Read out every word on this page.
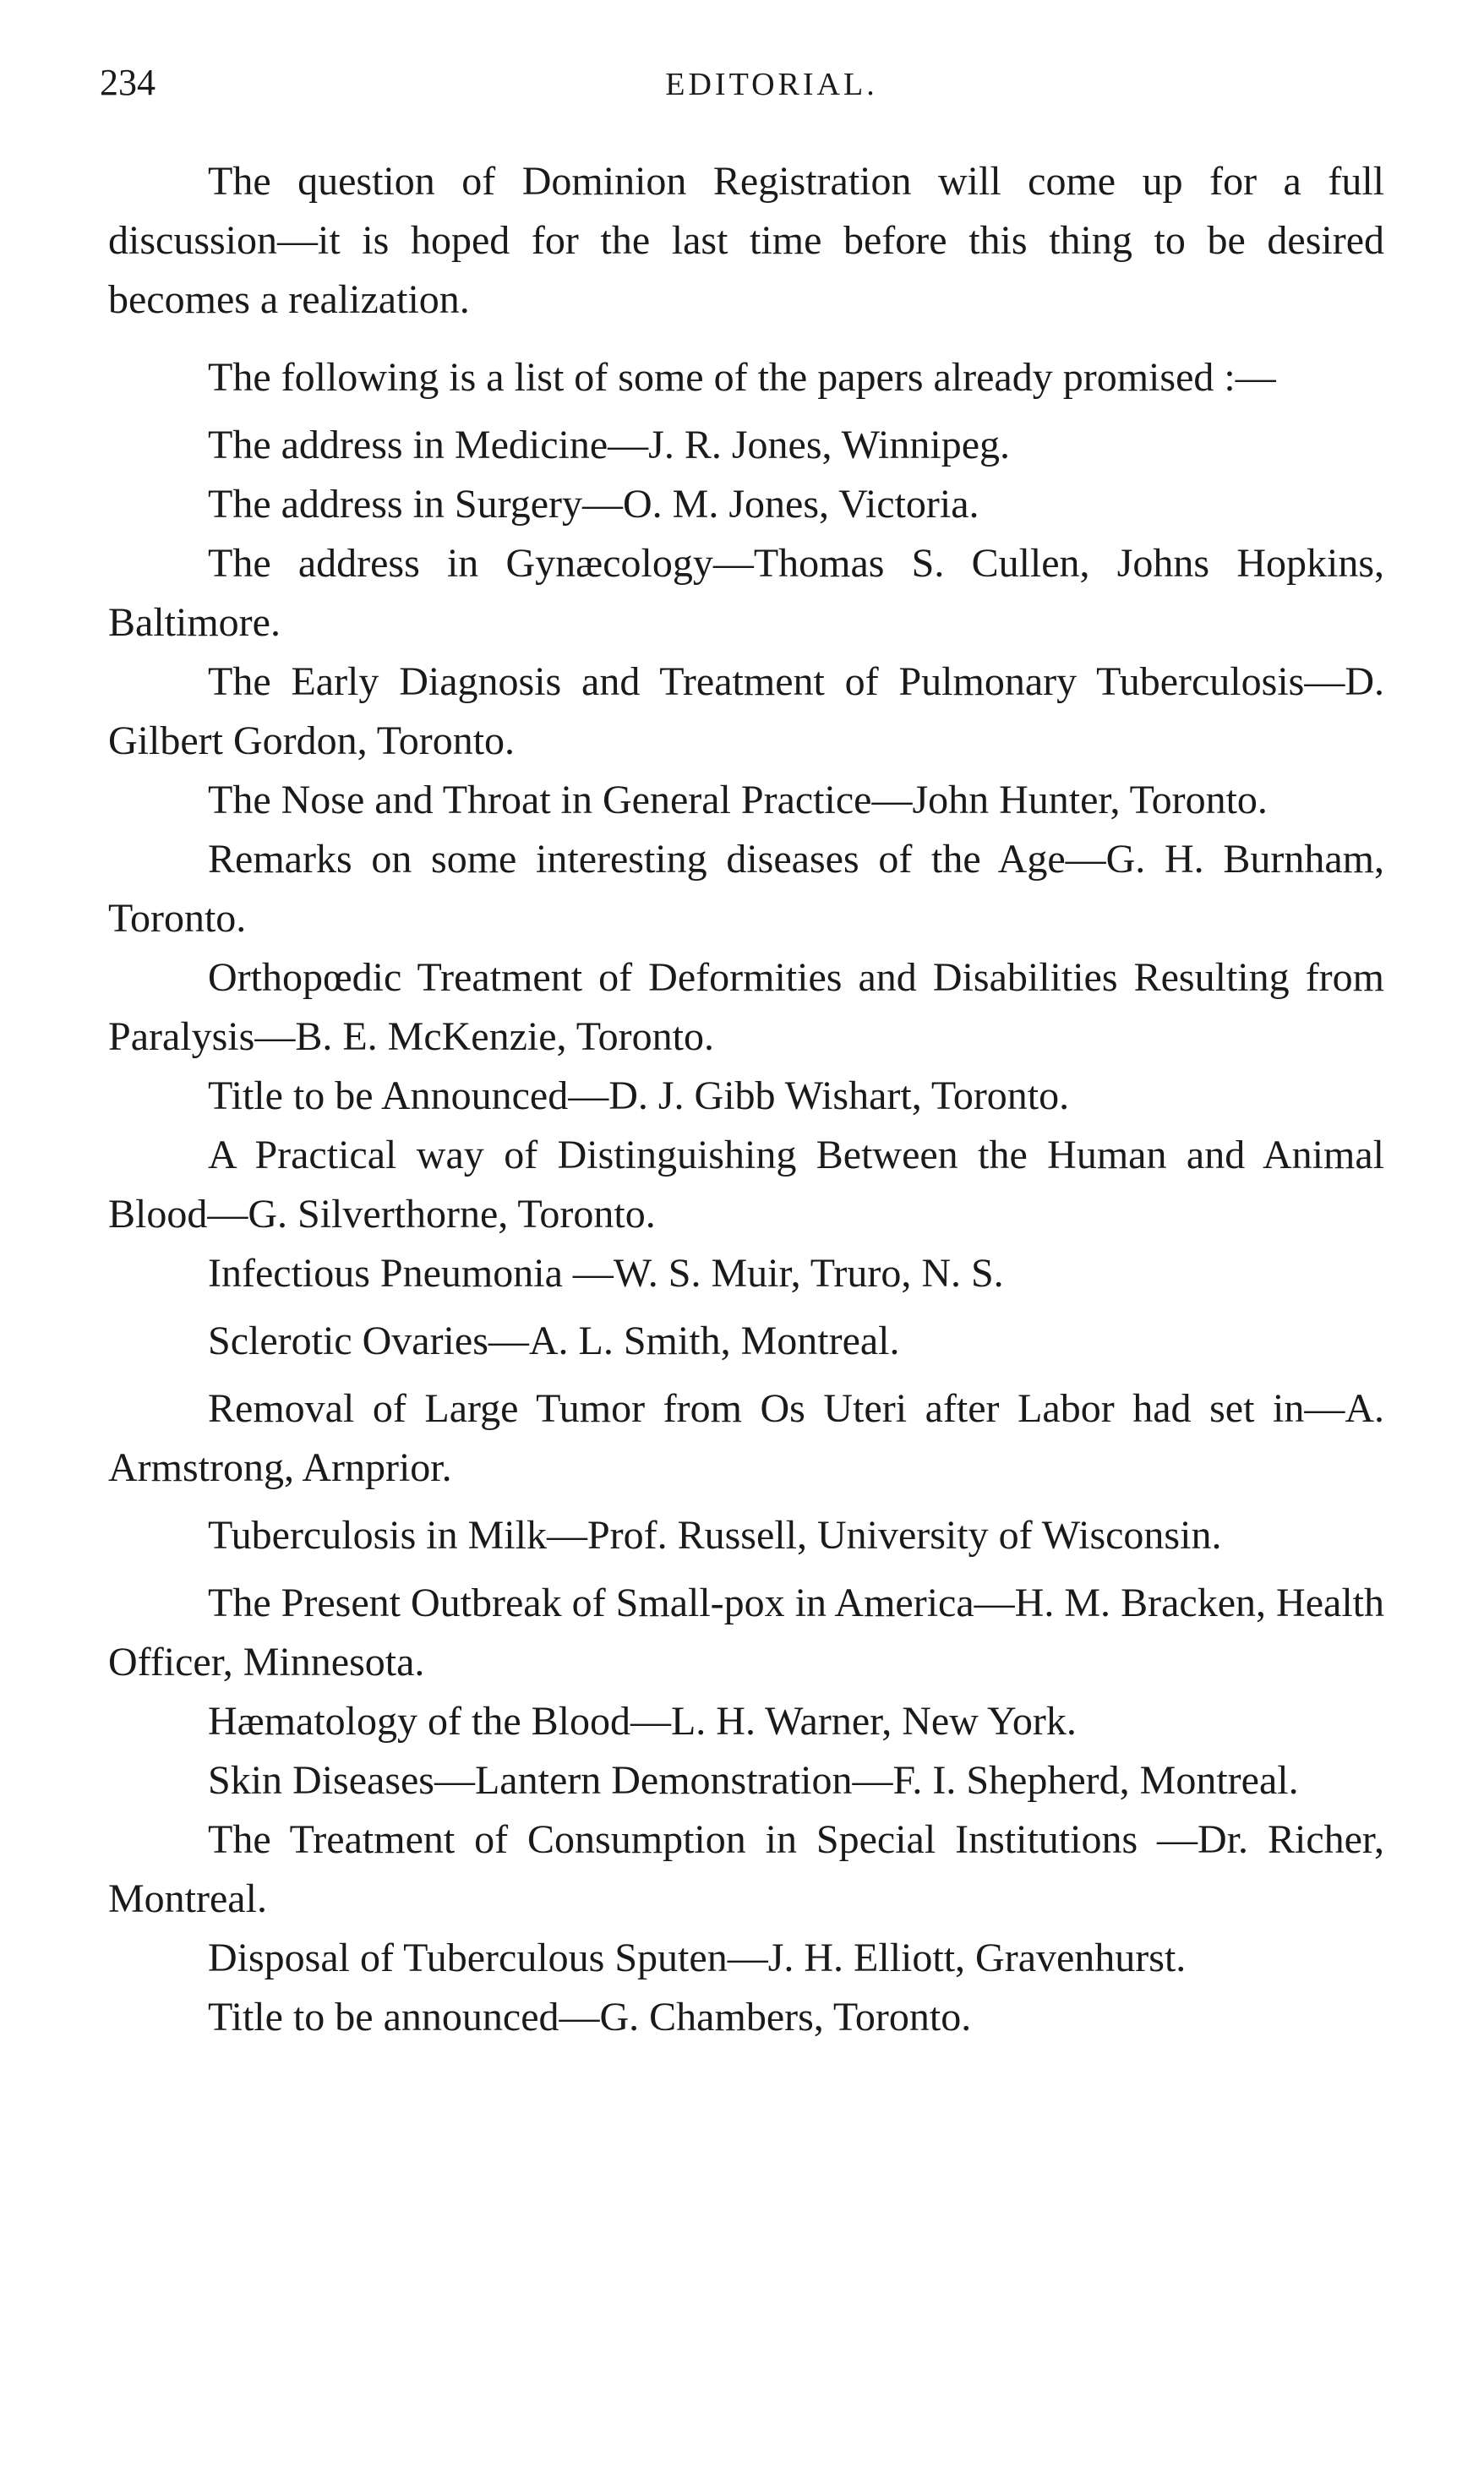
234	EDITORIAL.

The question of Dominion Registration will come up for a full discussion—it is hoped for the last time before this thing to be desired becomes a realization.

The following is a list of some of the papers already promised :—

The address in Medicine—J. R. Jones, Winnipeg.

The address in Surgery—O. M. Jones, Victoria.

The address in Gynæcology—Thomas S. Cullen, Johns Hopkins, Baltimore.

The Early Diagnosis and Treatment of Pulmonary Tuberculosis—D. Gilbert Gordon, Toronto.

The Nose and Throat in General Practice—John Hunter, Toronto.

Remarks on some interesting diseases of the Age—G. H. Burnham, Toronto.

Orthopœdic Treatment of Deformities and Disabilities Resulting from Paralysis—B. E. McKenzie, Toronto.

Title to be Announced—D. J. Gibb Wishart, Toronto.

A Practical way of Distinguishing Between the Human and Animal Blood—G. Silverthorne, Toronto.

Infectious Pneumonia —W. S. Muir, Truro, N. S.

Sclerotic Ovaries—A. L. Smith, Montreal.

Removal of Large Tumor from Os Uteri after Labor had set in—A. Armstrong, Arnprior.

Tuberculosis in Milk—Prof. Russell, University of Wisconsin.

The Present Outbreak of Small-pox in America—H. M. Bracken, Health Officer, Minnesota.

Hæmatology of the Blood—L. H. Warner, New York.

Skin Diseases—Lantern Demonstration—F. I. Shepherd, Montreal.

The Treatment of Consumption in Special Institutions —Dr. Richer, Montreal.

Disposal of Tuberculous Sputen—J. H. Elliott, Gravenhurst.

Title to be announced—G. Chambers, Toronto.
